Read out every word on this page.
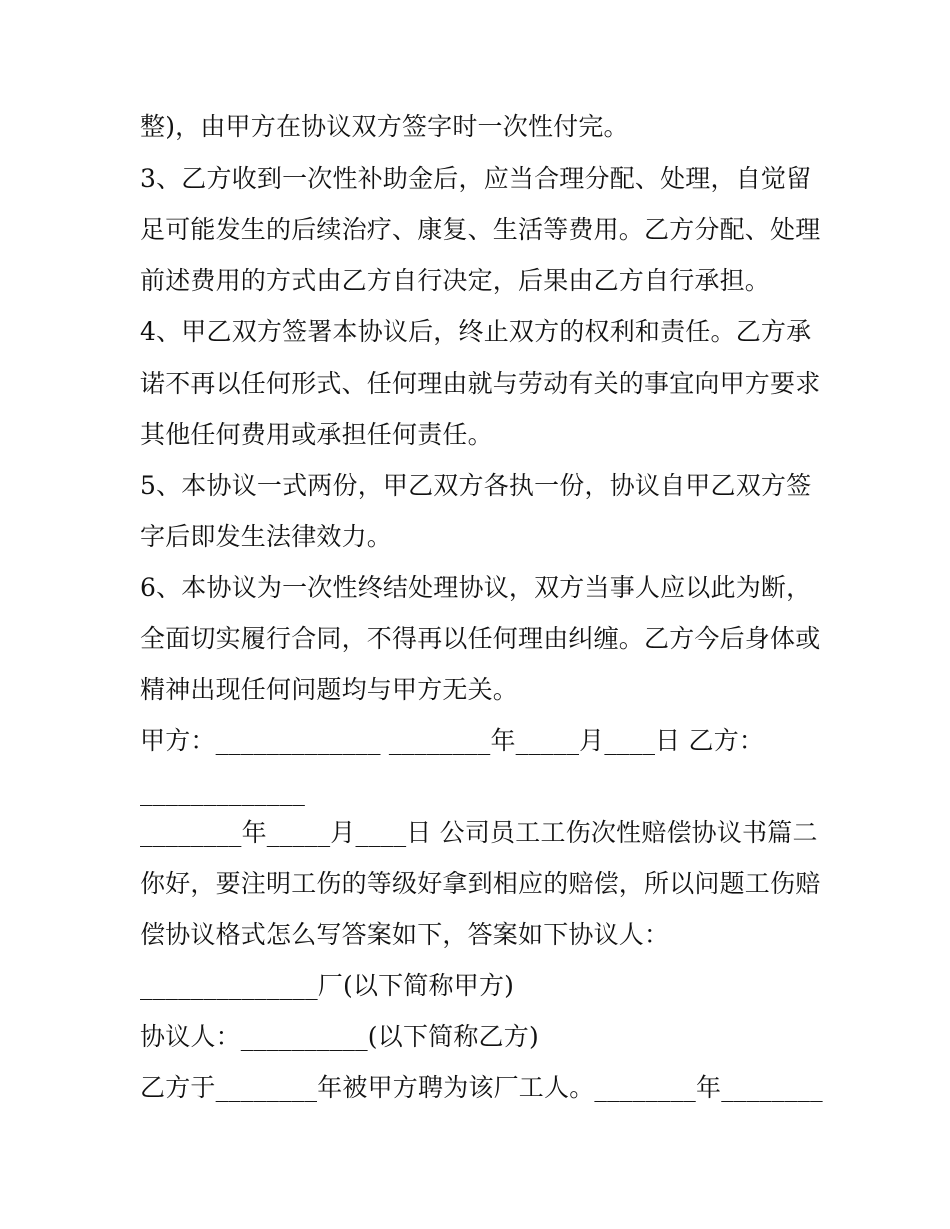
整)，由甲方在协议双方签字时一次性付完。
3、乙方收到一次性补助金后，应当合理分配、处理，自觉留
足可能发生的后续治疗、康复、生活等费用。乙方分配、处理
前述费用的方式由乙方自行决定，后果由乙方自行承担。
4、甲乙双方签署本协议后，终止双方的权利和责任。乙方承
诺不再以任何形式、任何理由就与劳动有关的事宜向甲方要求
其他任何费用或承担任何责任。
5、本协议一式两份，甲乙双方各执一份，协议自甲乙双方签
字后即发生法律效力。
6、本协议为一次性终结处理协议，双方当事人应以此为断，
全面切实履行合同，不得再以任何理由纠缠。乙方今后身体或
精神出现任何问题均与甲方无关。
甲方：_____________ ________年_____月____日 乙方：
_____________
________年_____月____日 公司员工工伤次性赔偿协议书篇二
你好，要注明工伤的等级好拿到相应的赔偿，所以问题工伤赔
偿协议格式怎么写答案如下，答案如下协议人：
______________厂(以下简称甲方)
协议人：__________(以下简称乙方)
乙方于________年被甲方聘为该厂工人。________年________
